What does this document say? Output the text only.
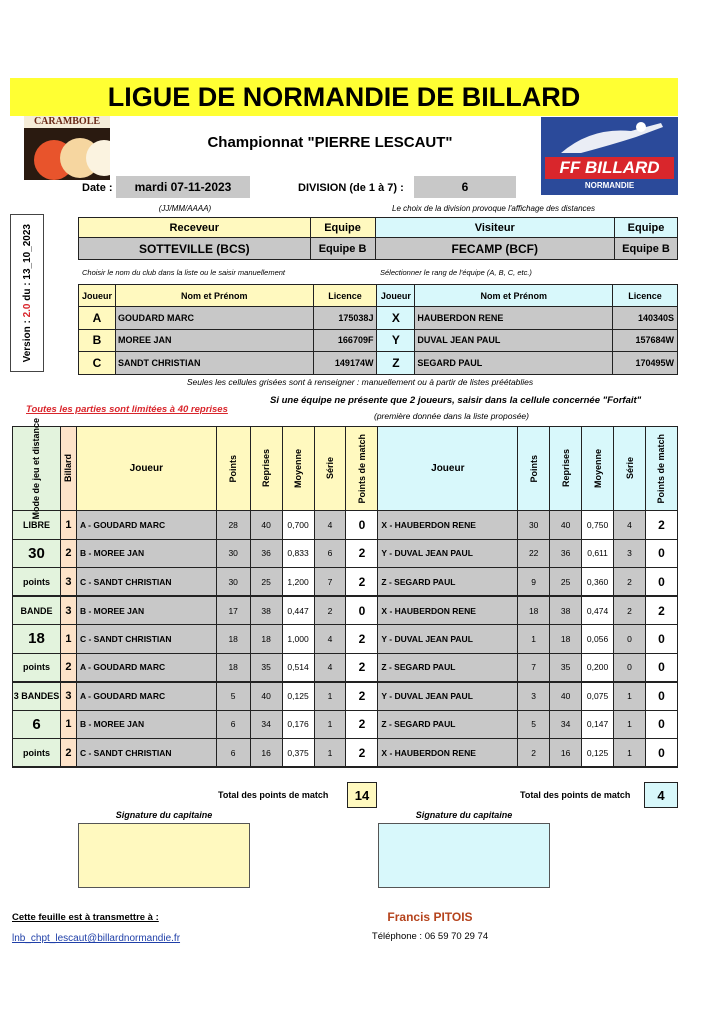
LIGUE DE NORMANDIE DE BILLARD
CARAMBOLE
Championnat "PIERRE LESCAUT"
FF BILLARD
NORMANDIE
Date :	mardi 07-11-2023
(JJ/MM/AAAA)
DIVISION (de 1 à 7) :	6
Le choix de la division provoque l'affichage des distances
Version : 2.0 du : 13_10_2023	Receveur	Equipe	Visiteur	Equipe
SOTTEVILLE (BCS)	Equipe B	FECAMP (BCF)	Equipe B
Choisir le nom du club dans la liste ou le saisir manuellement	Sélectionner le rang de l'équipe (A, B, C, etc.)
Joueur	Nom et Prénom	Licence	Joueur	Nom et Prénom	Licence
A	GOUDARD MARC	175038J	X	HAUBERDON RENE	140340S
B	MOREE JAN	166709F	Y	DUVAL JEAN PAUL	157684W
C	SANDT CHRISTIAN	149174W	Z	SEGARD PAUL	170495W
Seules les cellules grisées sont à renseigner : manuellement ou à partir de listes préétablies
Toutes les parties sont limitées à 40 reprises
Si une équipe ne présente que 2 joueurs, saisir dans la cellule concernée "Forfait"
(première donnée dans la liste proposée)
Mode de jeu et distance	Billard	Joueur	Points	Reprises	Moyenne	Série	Points de match	Joueur	Points	Reprises	Moyenne	Série	Points de match

LIBRE	1	A - GOUDARD MARC	28	40	0,700	4	0	X - HAUBERDON RENE	30	40	0,750	4	2
30	2	B - MOREE JAN	30	36	0,833	6	2	Y - DUVAL JEAN PAUL	22	36	0,611	3	0
points	3	C - SANDT CHRISTIAN	30	25	1,200	7	2	Z - SEGARD PAUL	9	25	0,360	2	0
BANDE	3	B - MOREE JAN	17	38	0,447	2	0	X - HAUBERDON RENE	18	38	0,474	2	2
18	1	C - SANDT CHRISTIAN	18	18	1,000	4	2	Y - DUVAL JEAN PAUL	1	18	0,056	0	0
points	2	A - GOUDARD MARC	18	35	0,514	4	2	Z - SEGARD PAUL	7	35	0,200	0	0
3 BANDES	3	A - GOUDARD MARC	5	40	0,125	1	2	Y - DUVAL JEAN PAUL	3	40	0,075	1	0
6	1	B - MOREE JAN	6	34	0,176	1	2	Z - SEGARD PAUL	5	34	0,147	1	0
points	2	C - SANDT CHRISTIAN	6	16	0,375	1	2	X - HAUBERDON RENE	2	16	0,125	1	0
Total des points de match	14	Total des points de match	4
Signature du capitaine	Signature du capitaine
Cette feuille est à transmettre à :
lnb_chpt_lescaut@billardnormandie.fr
Francis PITOIS
Téléphone : 06 59 70 29 74
